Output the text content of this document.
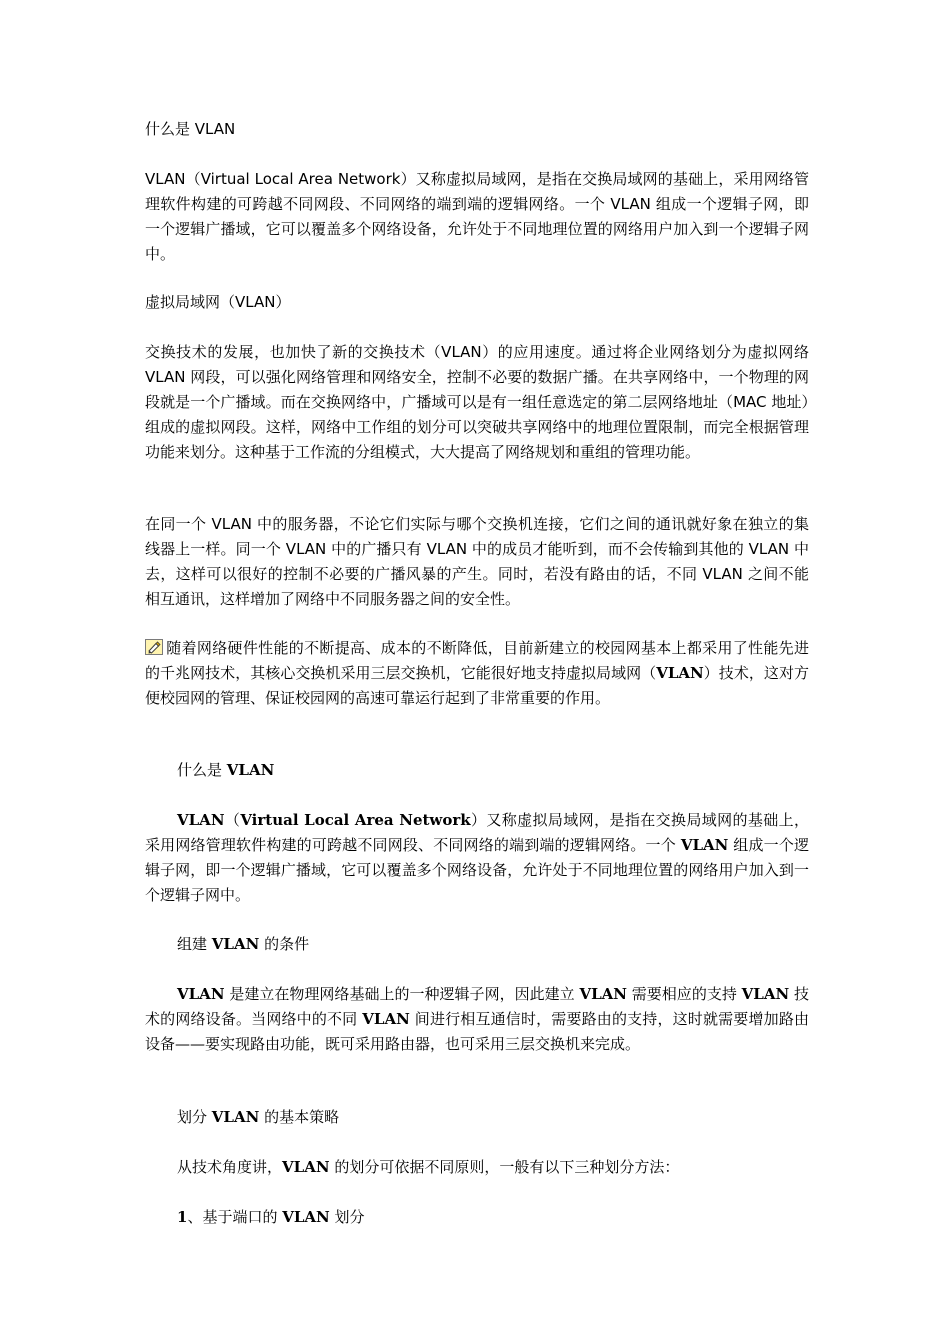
什么是 VLAN

VLAN（Virtual Local Area Network）又称虚拟局域网，是指在交换局域网的基础上，采用网络管理软件构建的可跨越不同网段、不同网络的端到端的逻辑网络。一个 VLAN 组成一个逻辑子网，即一个逻辑广播域，它可以覆盖多个网络设备，允许处于不同地理位置的网络用户加入到一个逻辑子网中。

虚拟局域网（VLAN）

交换技术的发展，也加快了新的交换技术（VLAN）的应用速度。通过将企业网络划分为虚拟网络 VLAN 网段，可以强化网络管理和网络安全，控制不必要的数据广播。在共享网络中，一个物理的网段就是一个广播域。而在交换网络中，广播域可以是有一组任意选定的第二层网络地址（MAC 地址）组成的虚拟网段。这样，网络中工作组的划分可以突破共享网络中的地理位置限制，而完全根据管理功能来划分。这种基于工作流的分组模式，大大提高了网络规划和重组的管理功能。

在同一个 VLAN 中的服务器，不论它们实际与哪个交换机连接，它们之间的通讯就好象在独立的集线器上一样。同一个 VLAN 中的广播只有 VLAN 中的成员才能听到，而不会传输到其他的 VLAN 中去，这样可以很好的控制不必要的广播风暴的产生。同时，若没有路由的话，不同 VLAN 之间不能相互通讯，这样增加了网络中不同服务器之间的安全性。

随着网络硬件性能的不断提高、成本的不断降低，目前新建立的校园网基本上都采用了性能先进的千兆网技术，其核心交换机采用三层交换机，它能很好地支持虚拟局域网（VLAN）技术，这对方便校园网的管理、保证校园网的高速可靠运行起到了非常重要的作用。

什么是 VLAN

VLAN（Virtual Local Area Network）又称虚拟局域网，是指在交换局域网的基础上，采用网络管理软件构建的可跨越不同网段、不同网络的端到端的逻辑网络。一个 VLAN 组成一个逻辑子网，即一个逻辑广播域，它可以覆盖多个网络设备，允许处于不同地理位置的网络用户加入到一个逻辑子网中。

组建 VLAN 的条件

VLAN 是建立在物理网络基础上的一种逻辑子网，因此建立 VLAN 需要相应的支持 VLAN 技术的网络设备。当网络中的不同 VLAN 间进行相互通信时，需要路由的支持，这时就需要增加路由设备——要实现路由功能，既可采用路由器，也可采用三层交换机来完成。

划分 VLAN 的基本策略

从技术角度讲，VLAN 的划分可依据不同原则，一般有以下三种划分方法：

1、基于端口的 VLAN 划分
